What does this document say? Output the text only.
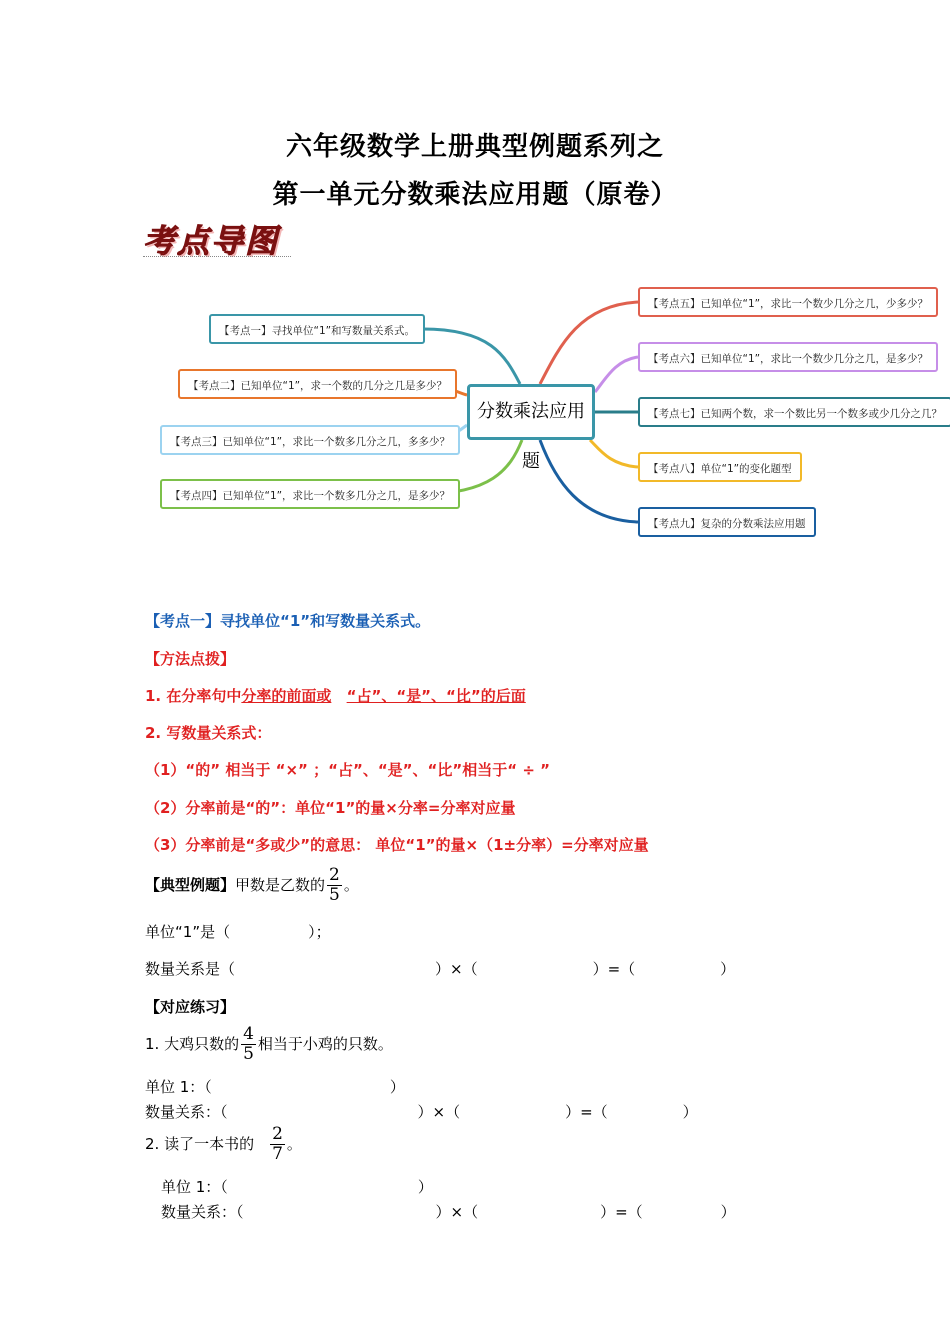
六年级数学上册典型例题系列之
第一单元分数乘法应用题（原卷）
考点导图
【考点一】寻找单位“1”和写数量关系式。
【考点二】已知单位“1”，求一个数的几分之几是多少？
【考点三】已知单位“1”，求比一个数多几分之几，多多少？
【考点四】已知单位“1”，求比一个数多几分之几，是多少？
分数乘法应用题
【考点五】已知单位“1”，求比一个数少几分之几，少多少？
【考点六】已知单位“1”，求比一个数少几分之几，是多少？
【考点七】已知两个数，求一个数比另一个数多或少几分之几？
【考点八】单位“1”的变化题型
【考点九】复杂的分数乘法应用题
【考点一】寻找单位“1”和写数量关系式。
【方法点拨】
1. 在分率句中分率的前面或 “占”、“是”、“比”的后面
2. 写数量关系式：
（1）“的” 相当于 “×” ；“占”、“是”、“比”相当于“ ÷ ”
（2）分率前是“的”：单位“1”的量×分率=分率对应量
（3）分率前是“多或少”的意思： 单位“1”的量×（1±分率）=分率对应量
【典型例题】甲数是乙数的 $\frac{2}{5}$ 。
单位“1”是（	）；
数量关系是（	）×（	）=（	）
【对应练习】
1. 大鸡只数的 $\frac{4}{5}$ 相当于小鸡的只数。
单位 1：（	）
数量关系：（	）×（	）=（	）
2. 读了一本书的 $\frac{2}{7}$ 。
单位 1：（	）
数量关系：（	）×（	）=（	）
